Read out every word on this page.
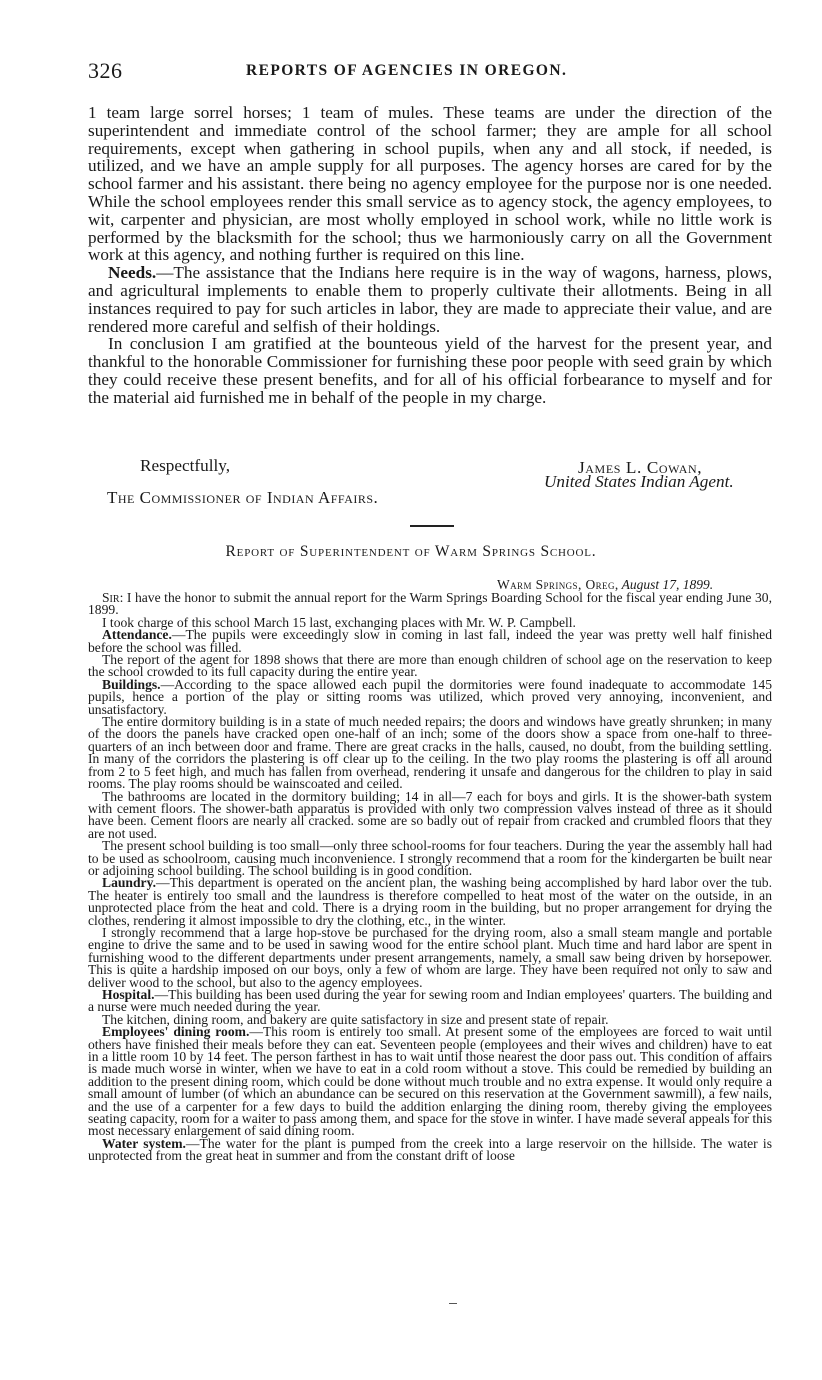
326	REPORTS OF AGENCIES IN OREGON.

1 team large sorrel horses; 1 team of mules. These teams are under the direction of the superintendent and immediate control of the school farmer; they are ample for all school requirements, except when gathering in school pupils, when any and all stock, if needed, is utilized, and we have an ample supply for all purposes. The agency horses are cared for by the school farmer and his assistant. there being no agency employee for the purpose nor is one needed. While the school employees render this small service as to agency stock, the agency employees, to wit, carpenter and physician, are most wholly employed in school work, while no little work is performed by the blacksmith for the school; thus we harmoniously carry on all the Government work at this agency, and nothing further is required on this line.

Needs.—The assistance that the Indians here require is in the way of wagons, harness, plows, and agricultural implements to enable them to properly cultivate their allotments. Being in all instances required to pay for such articles in labor, they are made to appreciate their value, and are rendered more careful and selfish of their holdings.

In conclusion I am gratified at the bounteous yield of the harvest for the present year, and thankful to the honorable Commissioner for furnishing these poor people with seed grain by which they could receive these present benefits, and for all of his official forbearance to myself and for the material aid furnished me in behalf of the people in my charge.

Respectfully,	James L. Cowan,
United States Indian Agent.
The Commissioner of Indian Affairs.
Report of Superintendent of Warm Springs School.
Warm Springs, Oreg, August 17, 1899.

Sir: I have the honor to submit the annual report for the Warm Springs Boarding School for the fiscal year ending June 30, 1899.

I took charge of this school March 15 last, exchanging places with Mr. W. P. Campbell.

Attendance.—The pupils were exceedingly slow in coming in last fall, indeed the year was pretty well half finished before the school was filled.

The report of the agent for 1898 shows that there are more than enough children of school age on the reservation to keep the school crowded to its full capacity during the entire year.

Buildings.—According to the space allowed each pupil the dormitories were found inadequate to accommodate 145 pupils, hence a portion of the play or sitting rooms was utilized, which proved very annoying, inconvenient, and unsatisfactory.

The entire dormitory building is in a state of much needed repairs; the doors and windows have greatly shrunken; in many of the doors the panels have cracked open one-half of an inch; some of the doors show a space from one-half to three-quarters of an inch between door and frame. There are great cracks in the halls, caused, no doubt, from the building settling. In many of the corridors the plastering is off clear up to the ceiling. In the two play rooms the plastering is off all around from 2 to 5 feet high, and much has fallen from overhead, rendering it unsafe and dangerous for the children to play in said rooms. The play rooms should be wainscoated and ceiled.

The bathrooms are located in the dormitory building; 14 in all—7 each for boys and girls. It is the shower-bath system with cement floors. The shower-bath apparatus is provided with only two compression valves instead of three as it should have been. Cement floors are nearly all cracked. some are so badly out of repair from cracked and crumbled floors that they are not used.

The present school building is too small—only three school-rooms for four teachers. During the year the assembly hall had to be used as schoolroom, causing much inconvenience. I strongly recommend that a room for the kindergarten be built near or adjoining school building. The school building is in good condition.

Laundry.—This department is operated on the ancient plan, the washing being accomplished by hard labor over the tub. The heater is entirely too small and the laundress is therefore compelled to heat most of the water on the outside, in an unprotected place from the heat and cold. There is a drying room in the building, but no proper arrangement for drying the clothes, rendering it almost impossible to dry the clothing, etc., in the winter.

I strongly recommend that a large hop-stove be purchased for the drying room, also a small steam mangle and portable engine to drive the same and to be used in sawing wood for the entire school plant. Much time and hard labor are spent in furnishing wood to the different departments under present arrangements, namely, a small saw being driven by horsepower. This is quite a hardship imposed on our boys, only a few of whom are large. They have been required not only to saw and deliver wood to the school, but also to the agency employees.

Hospital.—This building has been used during the year for sewing room and Indian employees' quarters. The building and a nurse were much needed during the year.

The kitchen, dining room, and bakery are quite satisfactory in size and present state of repair.

Employees' dining room.—This room is entirely too small. At present some of the employees are forced to wait until others have finished their meals before they can eat. Seventeen people (employees and their wives and children) have to eat in a little room 10 by 14 feet. The person farthest in has to wait until those nearest the door pass out. This condition of affairs is made much worse in winter, when we have to eat in a cold room without a stove. This could be remedied by building an addition to the present dining room, which could be done without much trouble and no extra expense. It would only require a small amount of lumber (of which an abundance can be secured on this reservation at the Government sawmill), a few nails, and the use of a carpenter for a few days to build the addition enlarging the dining room, thereby giving the employees seating capacity, room for a waiter to pass among them, and space for the stove in winter. I have made several appeals for this most necessary enlargement of said dining room.

Water system.—The water for the plant is pumped from the creek into a large reservoir on the hillside. The water is unprotected from the great heat in summer and from the constant drift of loose
